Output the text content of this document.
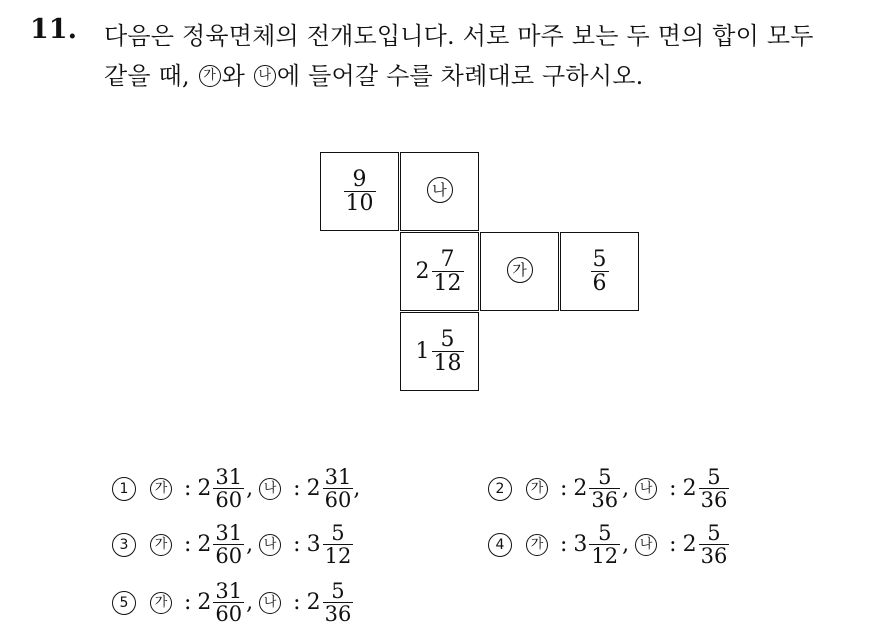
11. 다음은 정육면체의 전개도입니다. 서로 마주 보는 두 면의 합이 모두
같을 때, 가 와 나 에 들어갈 수를 차례대로 구하시오.
$\frac{9}{10}$	나
$2 \frac{7}{12}$	가	$\frac{5}{6}$
$1 \frac{5}{18}$
1	가 : $2 \frac{31}{60}$ , 나 : $2 \frac{31}{60}$ ,	2	가 : $2 \frac{5}{36}$ , 나 : $2 \frac{5}{36}$
3	가 : $2 \frac{31}{60}$ , 나 : $3 \frac{5}{12}$	4	가 : $3 \frac{5}{12}$ , 나 : $2 \frac{5}{36}$
5	가 : $2 \frac{31}{60}$ , 나 : $2 \frac{5}{36}$
